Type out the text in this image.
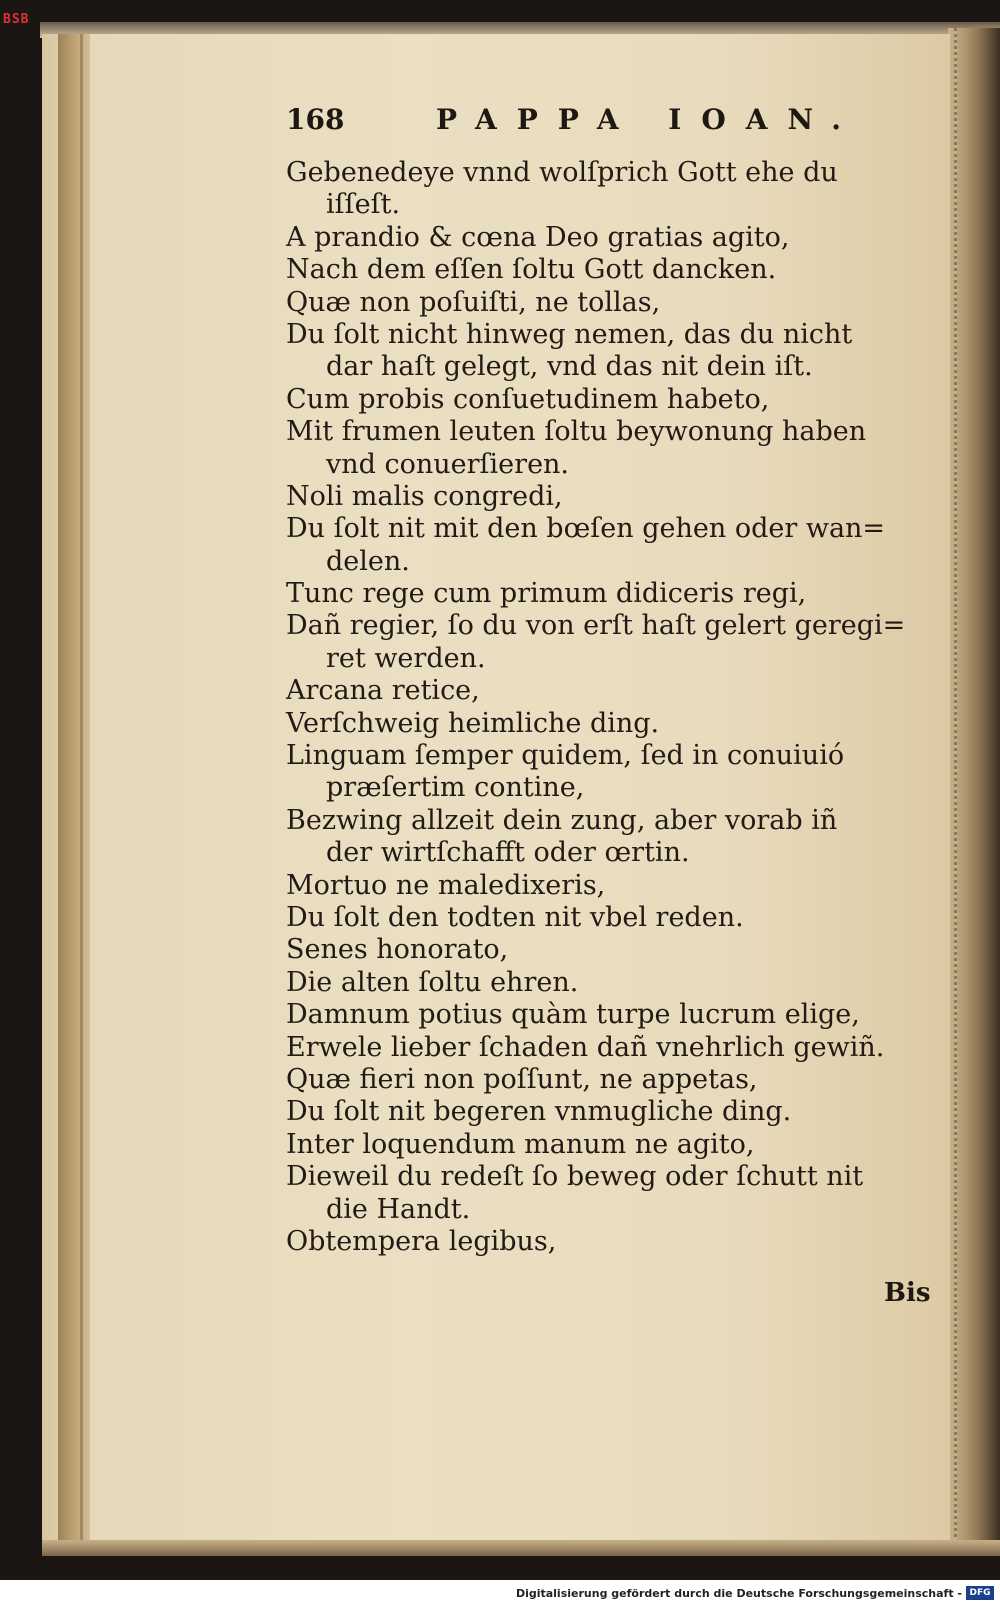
BSB
168	PAPPA IOAN.
Gebenedeye vnnd wolſprich Gott ehe du
iſſeſt.
A prandio & cœna Deo gratias agito,
Nach dem eſſen ſoltu Gott dancken.
Quæ non poſuiſti, ne tollas,
Du ſolt nicht hinweg nemen, das du nicht
dar haſt gelegt, vnd das nit dein iſt.
Cum probis conſuetudinem habeto,
Mit frumen leuten ſoltu beywonung haben
vnd conuerſieren.
Noli malis congredi,
Du ſolt nit mit den bœſen gehen oder wan=
delen.
Tunc rege cum primum didiceris regi,
Dañ regier, ſo du von erſt haſt gelert geregi=
ret werden.
Arcana retice,
Verſchweig heimliche ding.
Linguam ſemper quidem, ſed in conuiuió
præſertim contine,
Bezwing allzeit dein zung, aber vorab iñ
der wirtſchafft oder œrtin.
Mortuo ne maledixeris,
Du ſolt den todten nit vbel reden.
Senes honorato,
Die alten ſoltu ehren.
Damnum potius quàm turpe lucrum elige,
Erwele lieber ſchaden dañ vnehrlich gewiñ.
Quæ fieri non poſſunt, ne appetas,
Du ſolt nit begeren vnmugliche ding.
Inter loquendum manum ne agito,
Dieweil du redeſt ſo beweg oder ſchutt nit
die Handt.
Obtempera legibus,
Bis
Digitalisierung gefördert durch die Deutsche Forschungsgemeinschaft - DFG
